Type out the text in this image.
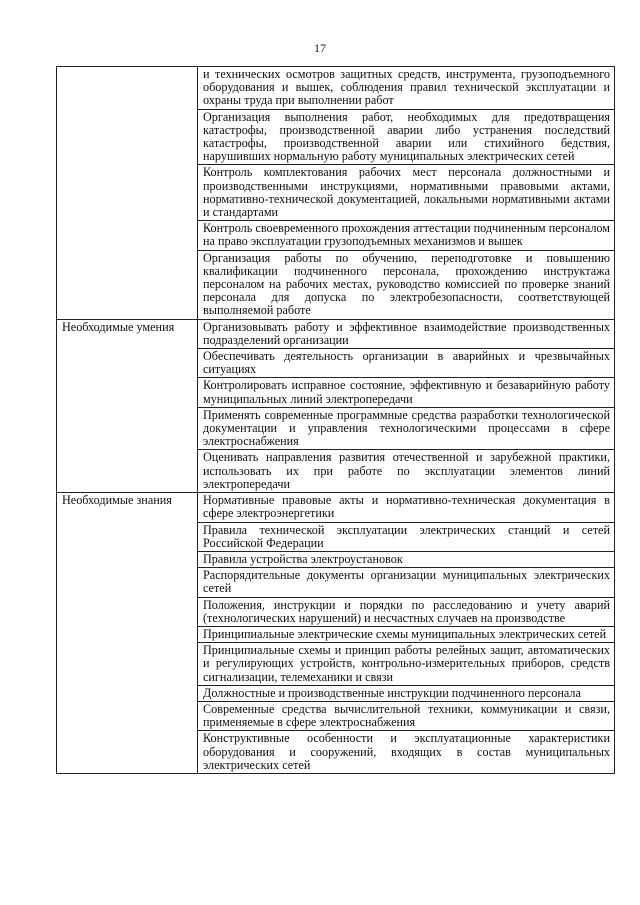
17
	и технических осмотров защитных средств, инструмента, грузоподъемного оборудования и вышек, соблюдения правил технической эксплуатации и охраны труда при выполнении работ
	Организация выполнения работ, необходимых для предотвращения катастрофы, производственной аварии либо устранения последствий катастрофы, производственной аварии или стихийного бедствия, нарушивших нормальную работу муниципальных электрических сетей
	Контроль комплектования рабочих мест персонала должностными и производственными инструкциями, нормативными правовыми актами, нормативно-технической документацией, локальными нормативными актами и стандартами
	Контроль своевременного прохождения аттестации подчиненным персоналом на право эксплуатации грузоподъемных механизмов и вышек
	Организация работы по обучению, переподготовке и повышению квалификации подчиненного персонала, прохождению инструктажа персоналом на рабочих местах, руководство комиссией по проверке знаний персонала для допуска по электробезопасности, соответствующей выполняемой работе
Необходимые умения	Организовывать работу и эффективное взаимодействие производственных подразделений организации
	Обеспечивать деятельность организации в аварийных и чрезвычайных ситуациях
	Контролировать исправное состояние, эффективную и безаварийную работу муниципальных линий электропередачи
	Применять современные программные средства разработки технологической документации и управления технологическими процессами в сфере электроснабжения
	Оценивать направления развития отечественной и зарубежной практики, использовать их при работе по эксплуатации элементов линий электропередачи
Необходимые знания	Нормативные правовые акты и нормативно-техническая документация в сфере электроэнергетики
	Правила технической эксплуатации электрических станций и сетей Российской Федерации
	Правила устройства электроустановок
	Распорядительные документы организации муниципальных электрических сетей
	Положения, инструкции и порядки по расследованию и учету аварий (технологических нарушений) и несчастных случаев на производстве
	Принципиальные электрические схемы муниципальных электрических сетей
	Принципиальные схемы и принцип работы релейных защит, автоматических и регулирующих устройств, контрольно-измерительных приборов, средств сигнализации, телемеханики и связи
	Должностные и производственные инструкции подчиненного персонала
	Современные средства вычислительной техники, коммуникации и связи, применяемые в сфере электроснабжения
	Конструктивные особенности и эксплуатационные характеристики оборудования и сооружений, входящих в состав муниципальных электрических сетей
